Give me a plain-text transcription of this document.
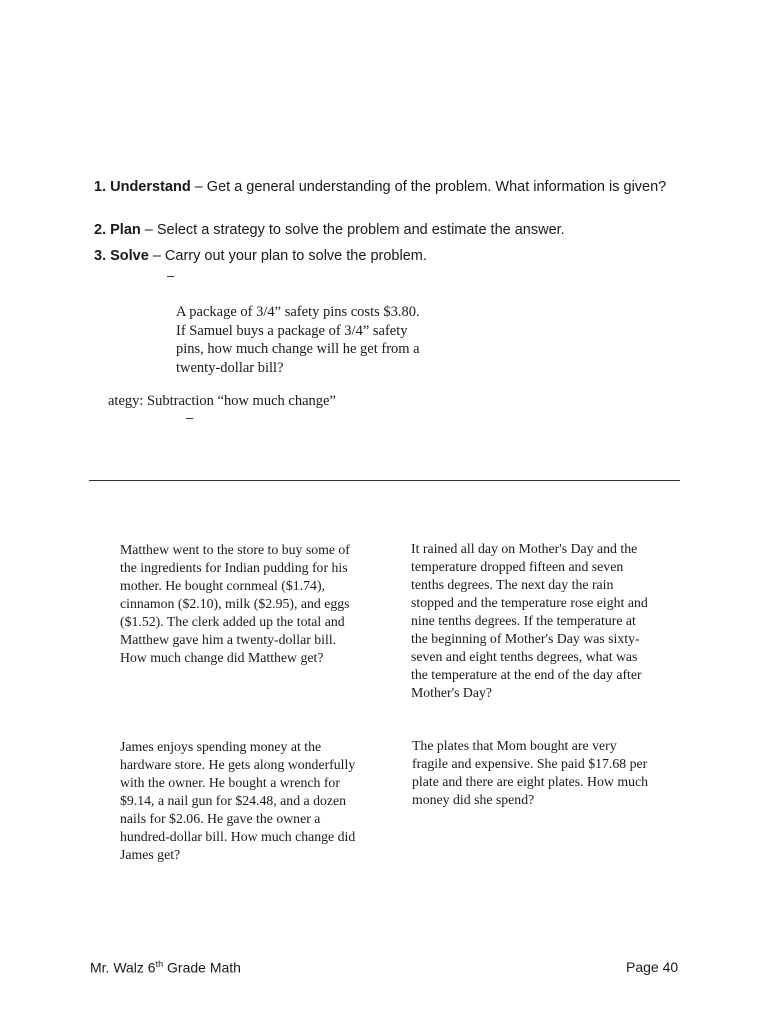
1. Understand – Get a general understanding of the problem. What information is given?
2. Plan – Select a strategy to solve the problem and estimate the answer.
3. Solve – Carry out your plan to solve the problem.
–
A package of 3/4” safety pins costs $3.80.
If Samuel buys a package of 3/4” safety
pins, how much change will he get from a
twenty-dollar bill?
ategy: Subtraction “how much change”
–
Matthew went to the store to buy some of
the ingredients for Indian pudding for his
mother. He bought cornmeal ($1.74),
cinnamon ($2.10), milk ($2.95), and eggs
($1.52). The clerk added up the total and
Matthew gave him a twenty-dollar bill.
How much change did Matthew get?
It rained all day on Mother's Day and the
temperature dropped fifteen and seven
tenths degrees. The next day the rain
stopped and the temperature rose eight and
nine tenths degrees. If the temperature at
the beginning of Mother's Day was sixty-
seven and eight tenths degrees, what was
the temperature at the end of the day after
Mother's Day?
James enjoys spending money at the
hardware store. He gets along wonderfully
with the owner. He bought a wrench for
$9.14, a nail gun for $24.48, and a dozen
nails for $2.06. He gave the owner a
hundred-dollar bill. How much change did
James get?
The plates that Mom bought are very
fragile and expensive. She paid $17.68 per
plate and there are eight plates. How much
money did she spend?
Mr. Walz 6th Grade Math	Page 40
